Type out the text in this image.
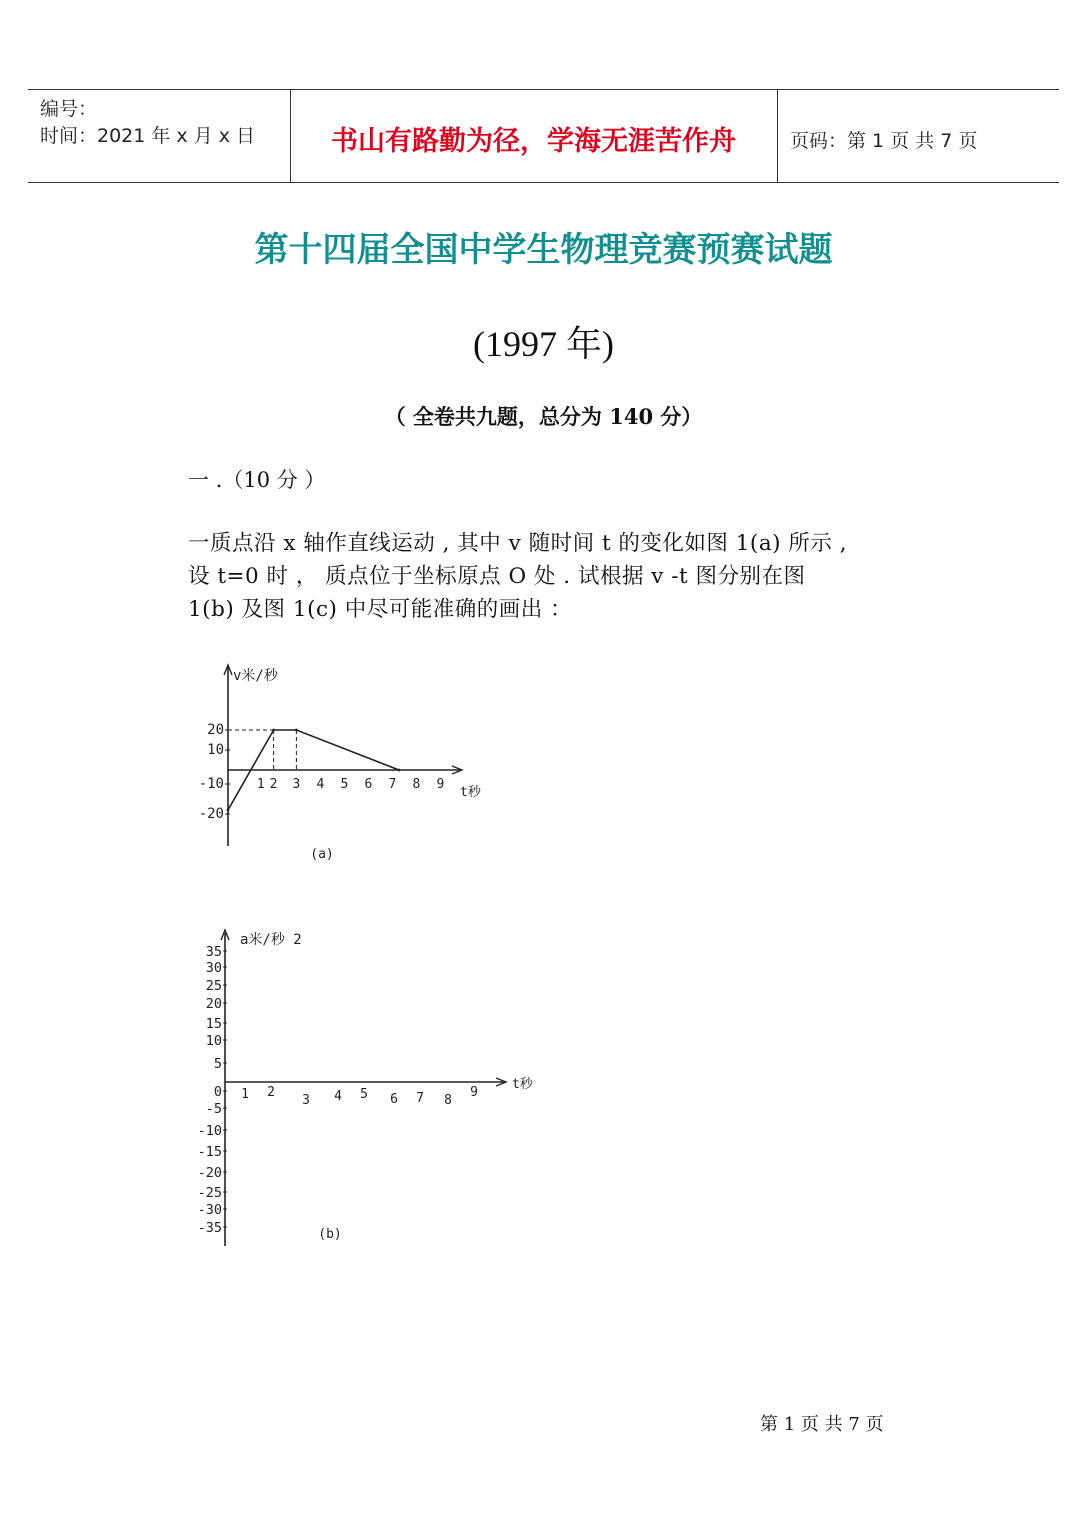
编号：
时间：2021 年 x 月 x 日	书山有路勤为径，学海无涯苦作舟	页码：第 1 页 共 7 页
第十四届全国中学生物理竞赛预赛试题
(1997 年)
（ 全卷共九题，总分为 140 分）
一 .（10 分 ）
一质点沿 x 轴作直线运动 , 其中 v 随时间 t 的变化如图 1(a) 所示 ,
设 t=0 时 ， 质点位于坐标原点 O 处 . 试根据 v -t 图分别在图
1(b) 及图 1(c) 中尽可能准确的画出 ：
v米/秒
t秒
20
10
-10
-20
1 2 3 4 5 6 7 8 9
(a)
a米/秒 2
t秒
35
30
25
20
15
10
5
0
-5
-10
-15
-20
-25
-30
-35
1 2
3 4 5 6 7 8
9
(b)
第 1 页 共 7 页
